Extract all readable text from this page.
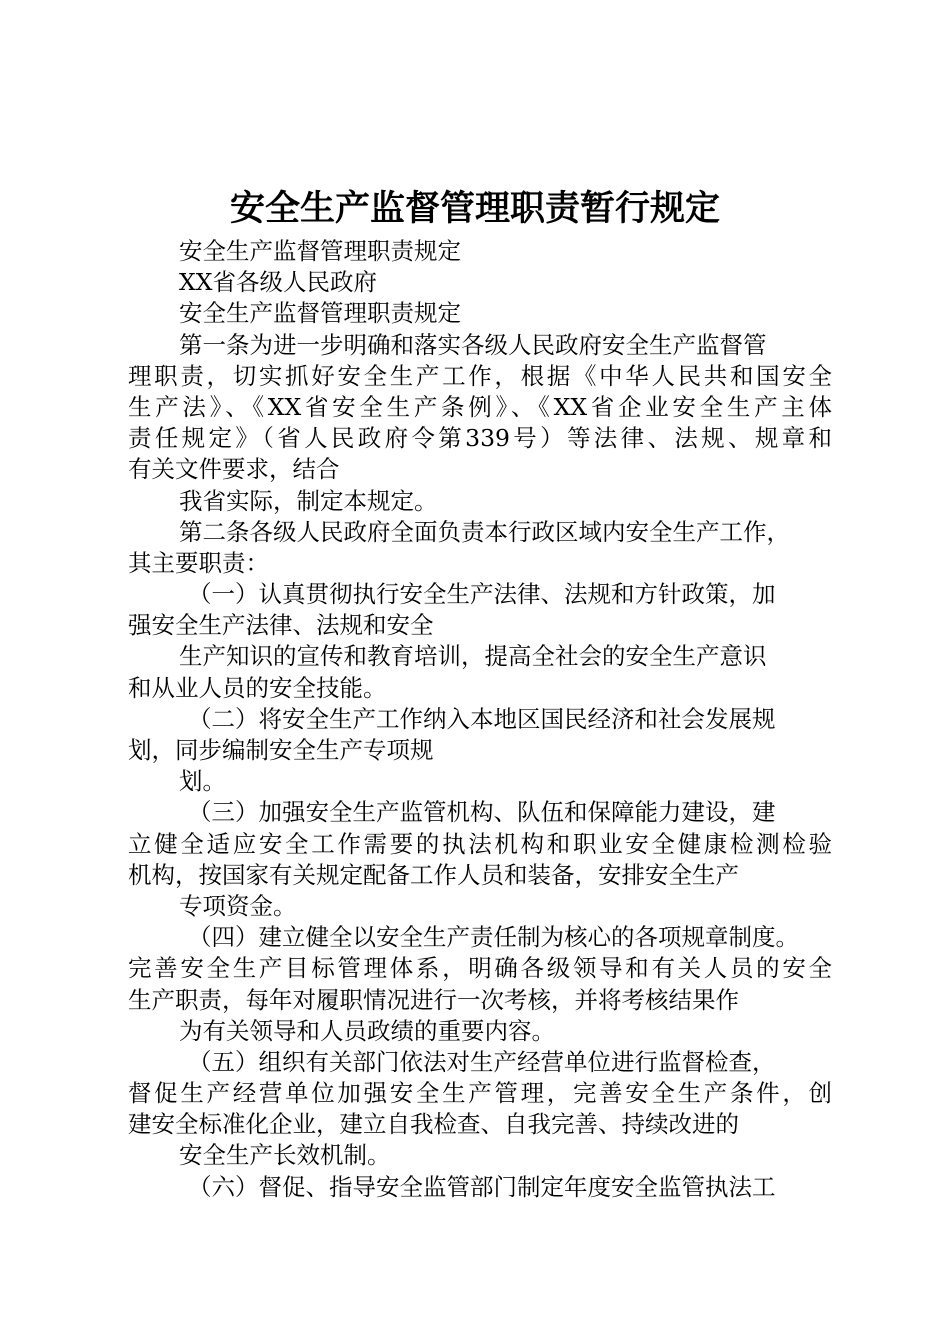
安全生产监督管理职责暂行规定
安全生产监督管理职责规定
XX省各级人民政府
安全生产监督管理职责规定
第一条为进一步明确和落实各级人民政府安全生产监督管
理职责，切实抓好安全生产工作，根据《中华人民共和国安全
生产法》、《XX省安全生产条例》、《XX省企业安全生产主体
责任规定》（省人民政府令第339号）等法律、法规、规章和
有关文件要求，结合
我省实际，制定本规定。
第二条各级人民政府全面负责本行政区域内安全生产工作，
其主要职责：
（一）认真贯彻执行安全生产法律、法规和方针政策，加
强安全生产法律、法规和安全
生产知识的宣传和教育培训，提高全社会的安全生产意识
和从业人员的安全技能。
（二）将安全生产工作纳入本地区国民经济和社会发展规
划，同步编制安全生产专项规
划。
（三）加强安全生产监管机构、队伍和保障能力建设，建
立健全适应安全工作需要的执法机构和职业安全健康检测检验
机构，按国家有关规定配备工作人员和装备，安排安全生产
专项资金。
（四）建立健全以安全生产责任制为核心的各项规章制度。
完善安全生产目标管理体系，明确各级领导和有关人员的安全
生产职责，每年对履职情况进行一次考核，并将考核结果作
为有关领导和人员政绩的重要内容。
（五）组织有关部门依法对生产经营单位进行监督检查，
督促生产经营单位加强安全生产管理，完善安全生产条件，创
建安全标准化企业，建立自我检查、自我完善、持续改进的
安全生产长效机制。
（六）督促、指导安全监管部门制定年度安全监管执法工
